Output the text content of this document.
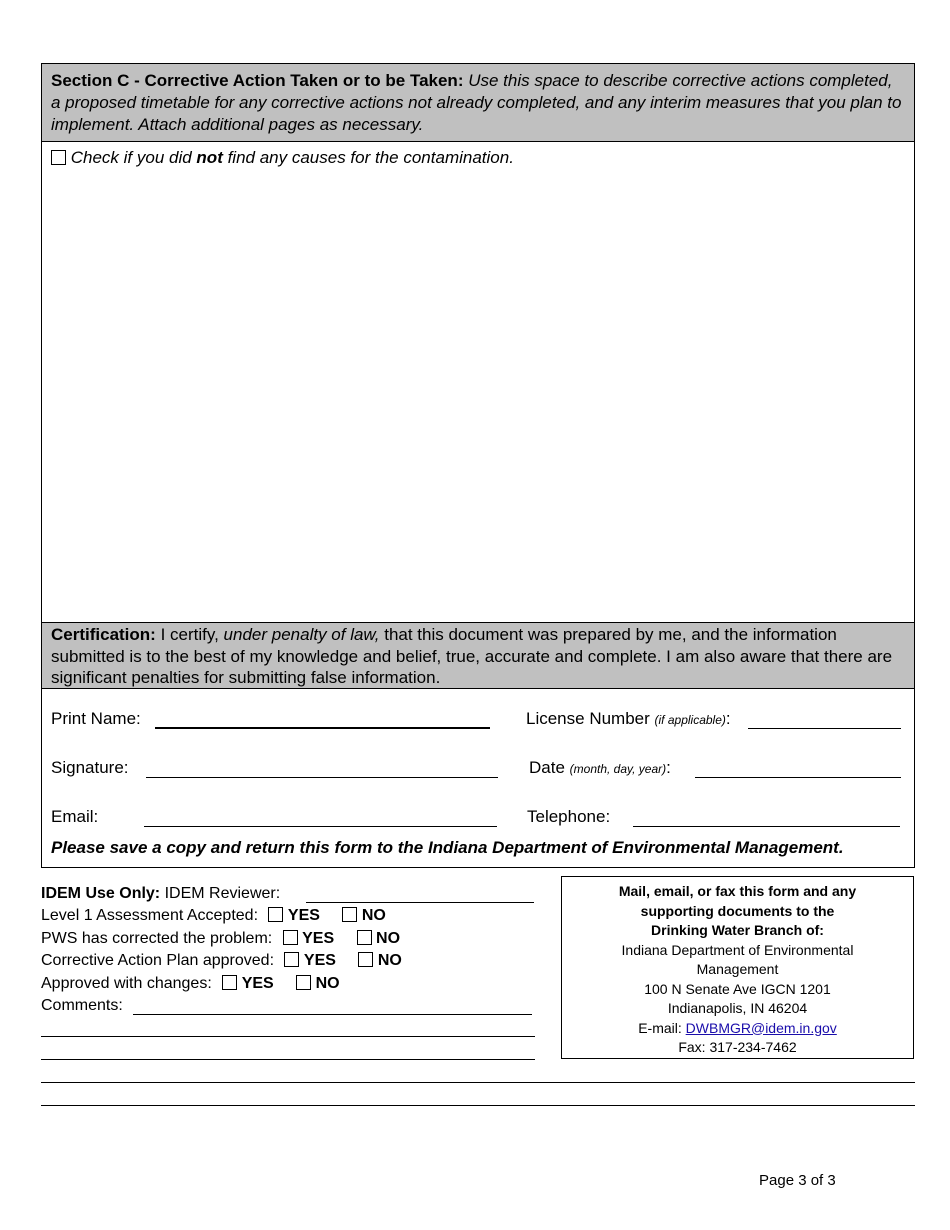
Section C - Corrective Action Taken or to be Taken: Use this space to describe corrective actions completed, a proposed timetable for any corrective actions not already completed, and any interim measures that you plan to implement. Attach additional pages as necessary.
Check if you did not find any causes for the contamination.
Certification: I certify, under penalty of law, that this document was prepared by me, and the information submitted is to the best of my knowledge and belief, true, accurate and complete. I am also aware that there are significant penalties for submitting false information.
Print Name:	License Number (if applicable):
Signature:	Date (month, day, year):
Email:	Telephone:
Please save a copy and return this form to the Indiana Department of Environmental Management.
IDEM Use Only: IDEM Reviewer:
Level 1 Assessment Accepted: YES	NO
PWS has corrected the problem: YES	NO
Corrective Action Plan approved: YES	NO
Approved with changes: YES	NO
Comments:
Mail, email, or fax this form and any
supporting documents to the
Drinking Water Branch of:
Indiana Department of Environmental
Management
100 N Senate Ave IGCN 1201
Indianapolis, IN 46204
E-mail: DWBMGR@idem.in.gov
Fax: 317-234-7462
Page 3 of 3
